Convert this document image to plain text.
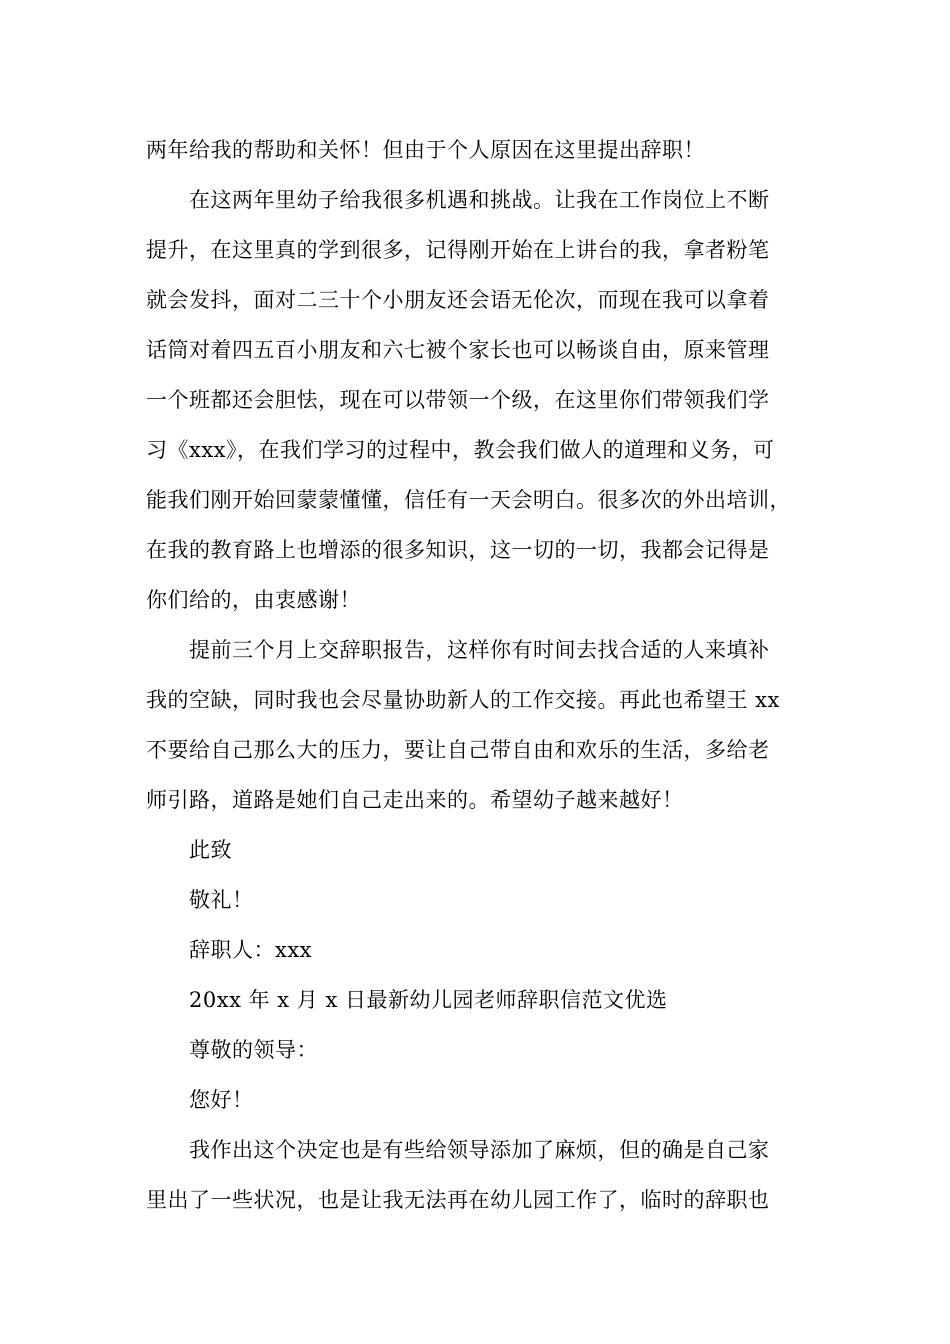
两年给我的帮助和关怀！但由于个人原因在这里提出辞职！
在这两年里幼子给我很多机遇和挑战。让我在工作岗位上不断
提升，在这里真的学到很多，记得刚开始在上讲台的我，拿者粉笔
就会发抖，面对二三十个小朋友还会语无伦次，而现在我可以拿着
话筒对着四五百小朋友和六七被个家长也可以畅谈自由，原来管理
一个班都还会胆怯，现在可以带领一个级，在这里你们带领我们学
习《xxx》，在我们学习的过程中，教会我们做人的道理和义务，可
能我们刚开始回蒙蒙懂懂，信任有一天会明白。很多次的外出培训，
在我的教育路上也增添的很多知识，这一切的一切，我都会记得是
你们给的，由衷感谢！
提前三个月上交辞职报告，这样你有时间去找合适的人来填补
我的空缺，同时我也会尽量协助新人的工作交接。再此也希望王 xx
不要给自己那么大的压力，要让自己带自由和欢乐的生活，多给老
师引路，道路是她们自己走出来的。希望幼子越来越好！
此致
敬礼！
辞职人：xxx
20xx 年 x 月 x 日最新幼儿园老师辞职信范文优选
尊敬的领导：
您好！
我作出这个决定也是有些给领导添加了麻烦，但的确是自己家
里出了一些状况，也是让我无法再在幼儿园工作了，临时的辞职也
